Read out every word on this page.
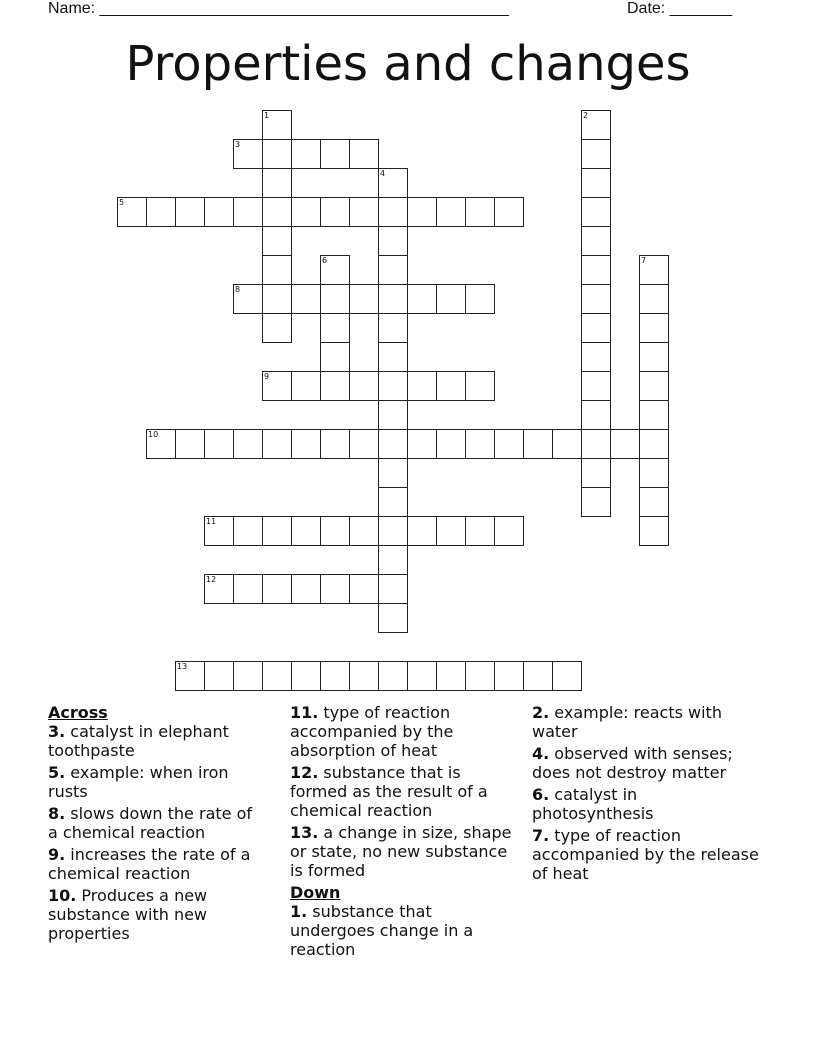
Name: ______________________________________________	Date: _______
Properties and changes
1	2
3
4
5
6	7
8
9
10
11
12
13

Across

3. catalyst in elephant toothpaste

5. example: when iron rusts

8. slows down the rate of a chemical reaction

9. increases the rate of a chemical reaction

10. Produces a new substance with new properties

11. type of reaction accompanied by the absorption of heat

12. substance that is formed as the result of a chemical reaction

13. a change in size, shape or state, no new substance is formed

Down

1. substance that undergoes change in a reaction

2. example: reacts with water

4. observed with senses; does not destroy matter

6. catalyst in photosynthesis

7. type of reaction accompanied by the release of heat
